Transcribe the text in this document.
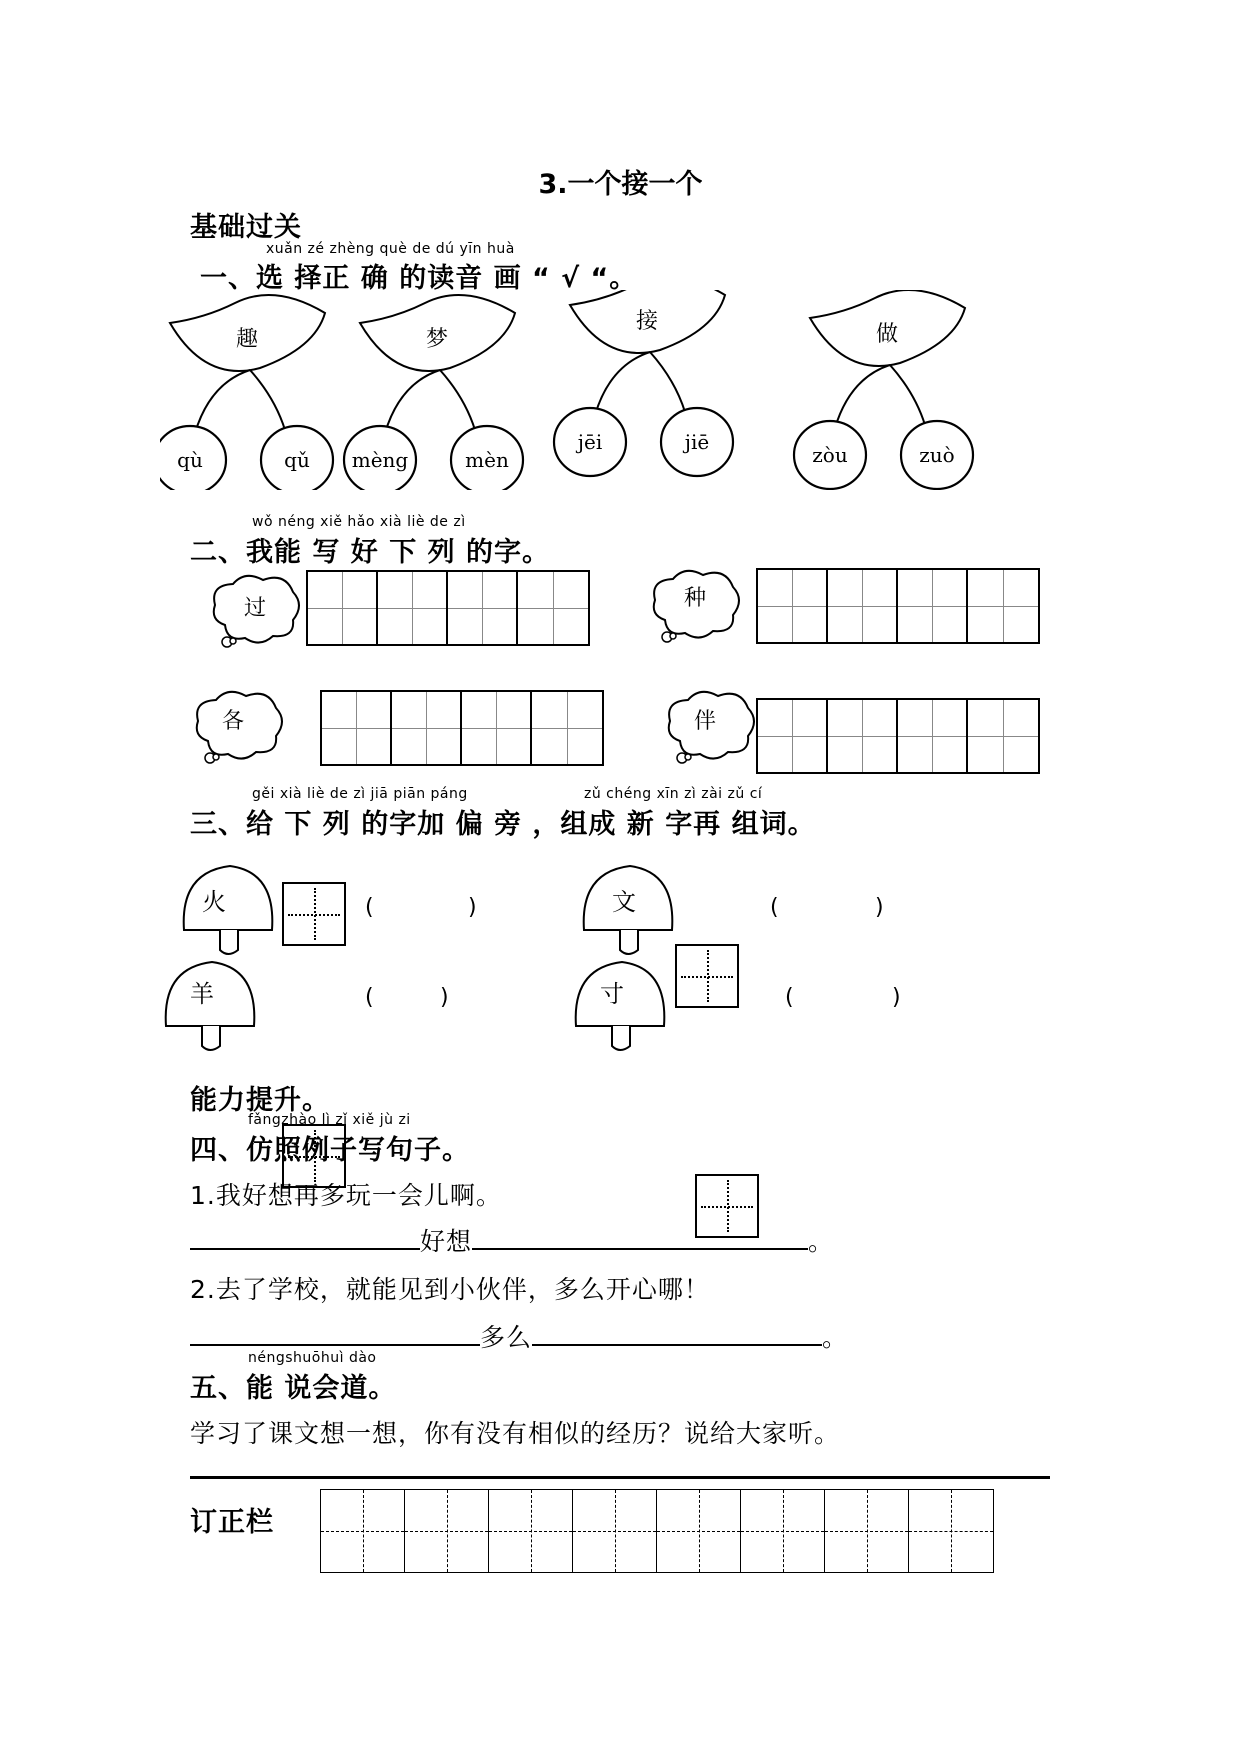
3.一个接一个
基础过关
xuǎn zé zhèng què de dú yīn huà
一、选 择正 确 的读音 画 “ √ “。
qù	qǔ
趣
mèng	mèn
梦
jēi	jiē
接
zòu	zuò
做
wǒ néng xiě hǎo xià liè de zì
二、我能 写 好 下 列 的字。
过	种
各	伴
gěi xià liè de zì jiā piān páng	zǔ chéng xīn zì zài zǔ cí
三、给 下 列 的字加 偏 旁 ，组成 新 字再 组词。
火	(	)	文	(	)
羊	(	)	寸	(	)
能力提升。
fǎngzhào lì zǐ xiě jù zi
四、仿照例子写句子。
1.我好想再多玩一会儿啊。
好想	。
2.去了学校，就能见到小伙伴，多么开心哪！
多么	。
néngshuōhuì dào
五、能 说会道。
学习了课文想一想，你有没有相似的经历？说给大家听。
订正栏
